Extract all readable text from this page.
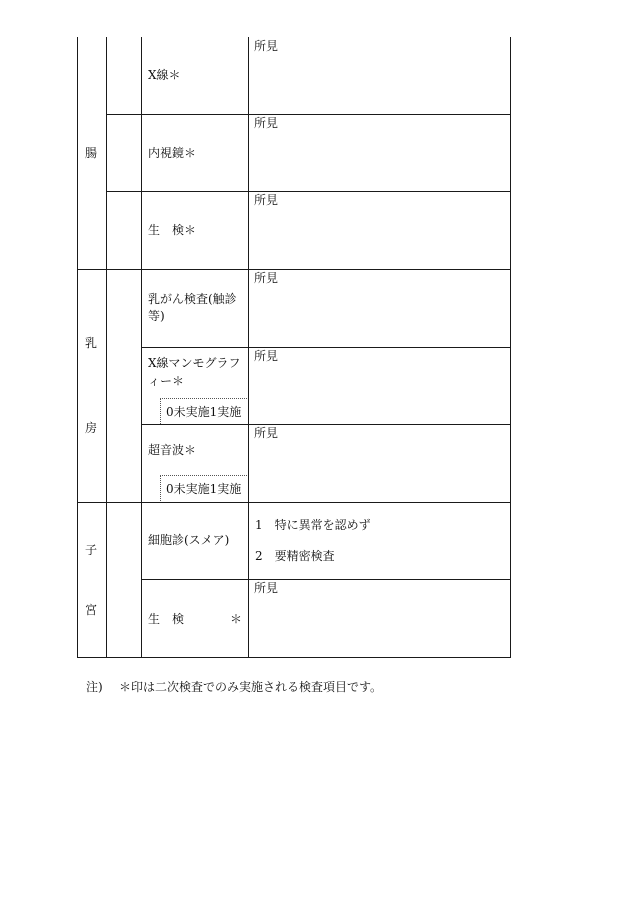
腸
乳
房
子
宮
X線＊
内視鏡＊
生　検＊
乳がん検査(触診
等)
X線マンモグラフ
ィー＊
超音波＊
細胞診(スメア)
生　検	＊
0未実施1実施
0未実施1実施
所見
所見
所見
所見
所見
所見
所見
1　特に異常を認めず
2　要精密検査
注) ＊印は二次検査でのみ実施される検査項目です。
